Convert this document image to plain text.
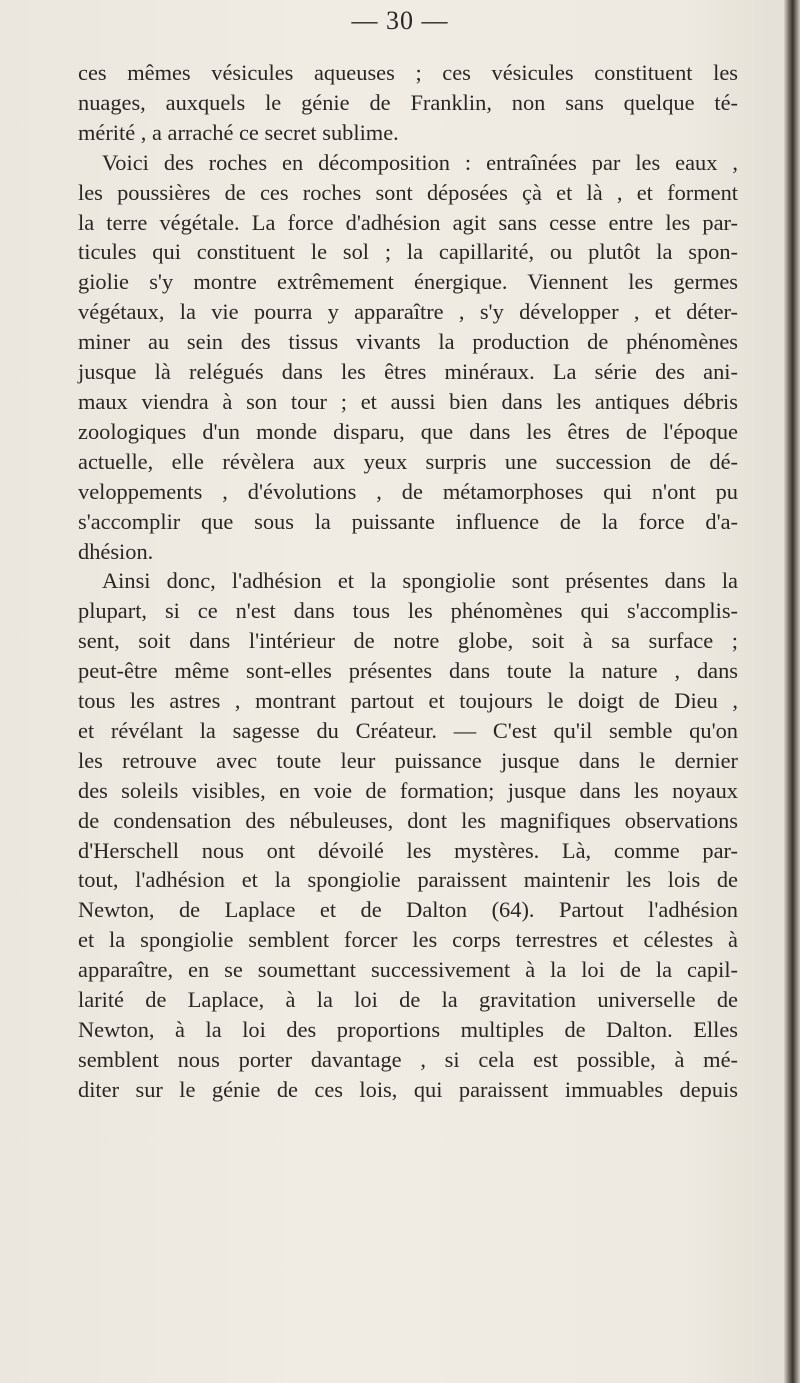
— 30 —

ces mêmes vésicules aqueuses ; ces vésicules constituent les
nuages, auxquels le génie de Franklin, non sans quelque té-
mérité , a arraché ce secret sublime.

Voici des roches en décomposition : entraînées par les eaux ,
les poussières de ces roches sont déposées çà et là , et forment
la terre végétale. La force d'adhésion agit sans cesse entre les par-
ticules qui constituent le sol ; la capillarité, ou plutôt la spon-
giolie s'y montre extrêmement énergique. Viennent les germes
végétaux, la vie pourra y apparaître , s'y développer , et déter-
miner au sein des tissus vivants la production de phénomènes
jusque là relégués dans les êtres minéraux. La série des ani-
maux viendra à son tour ; et aussi bien dans les antiques débris
zoologiques d'un monde disparu, que dans les êtres de l'époque
actuelle, elle révèlera aux yeux surpris une succession de dé-
veloppements , d'évolutions , de métamorphoses qui n'ont pu
s'accomplir que sous la puissante influence de la force d'a-
dhésion.

Ainsi donc, l'adhésion et la spongiolie sont présentes dans la
plupart, si ce n'est dans tous les phénomènes qui s'accomplis-
sent, soit dans l'intérieur de notre globe, soit à sa surface ;
peut-être même sont-elles présentes dans toute la nature , dans
tous les astres , montrant partout et toujours le doigt de Dieu ,
et révélant la sagesse du Créateur. — C'est qu'il semble qu'on
les retrouve avec toute leur puissance jusque dans le dernier
des soleils visibles, en voie de formation; jusque dans les noyaux
de condensation des nébuleuses, dont les magnifiques observations
d'Herschell nous ont dévoilé les mystères. Là, comme par-
tout, l'adhésion et la spongiolie paraissent maintenir les lois de
Newton, de Laplace et de Dalton (64). Partout l'adhésion
et la spongiolie semblent forcer les corps terrestres et célestes à
apparaître, en se soumettant successivement à la loi de la capil-
larité de Laplace, à la loi de la gravitation universelle de
Newton, à la loi des proportions multiples de Dalton. Elles
semblent nous porter davantage , si cela est possible, à mé-
diter sur le génie de ces lois, qui paraissent immuables depuis
